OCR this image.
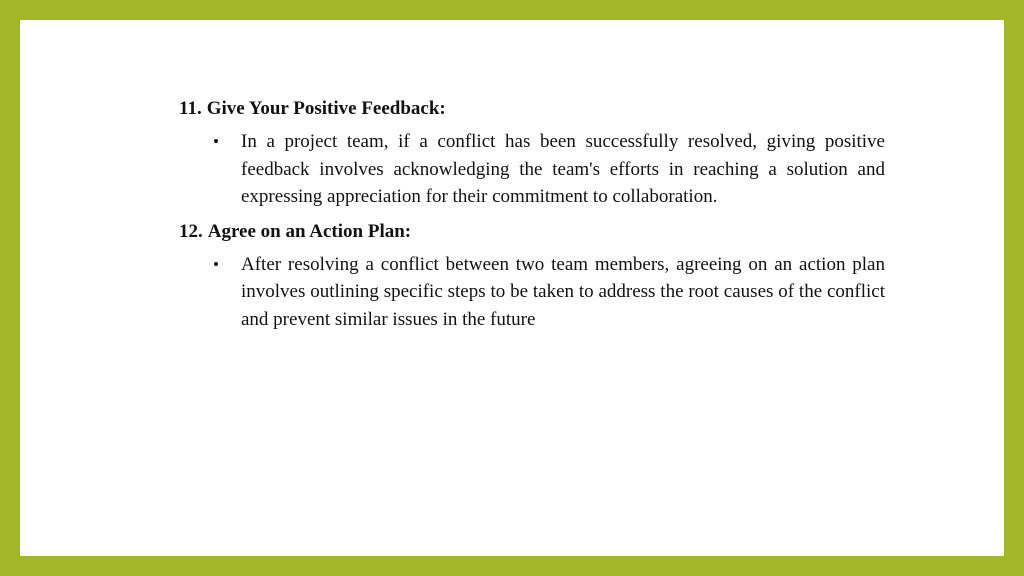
11. Give Your Positive Feedback:

In a project team, if a conflict has been successfully resolved, giving positive feedback involves acknowledging the team's efforts in reaching a solution and expressing appreciation for their commitment to collaboration.

12. Agree on an Action Plan:

After resolving a conflict between two team members, agreeing on an action plan involves outlining specific steps to be taken to address the root causes of the conflict and prevent similar issues in the future
